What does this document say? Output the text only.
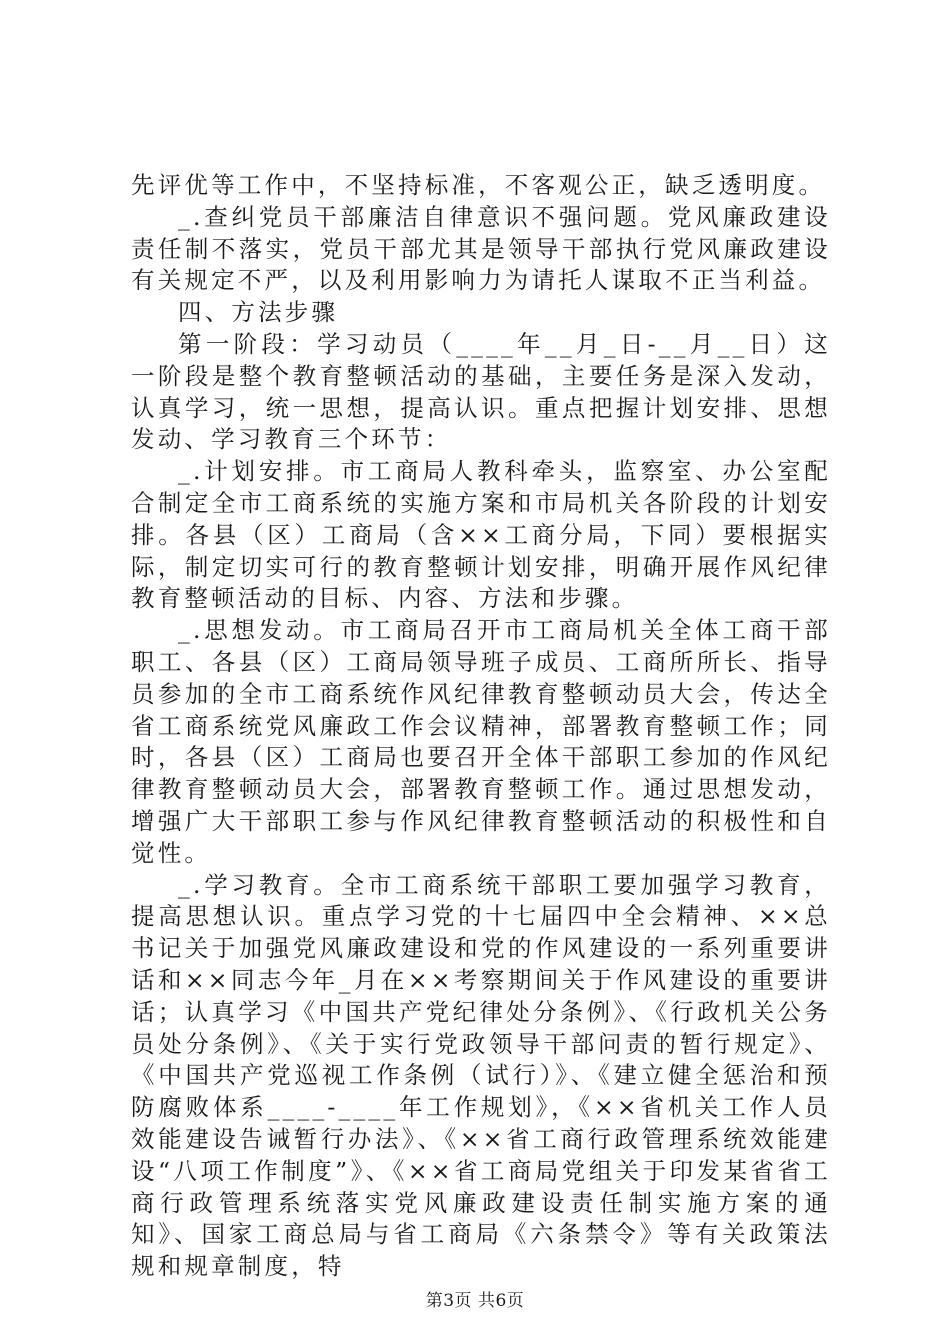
先评优等工作中，不坚持标准，不客观公正，缺乏透明度。

_.查纠党员干部廉洁自律意识不强问题。党风廉政建设责任制不落实，党员干部尤其是领导干部执行党风廉政建设有关规定不严，以及利用影响力为请托人谋取不正当利益。

四、方法步骤

第一阶段：学习动员（____年__月_日-__月__日）这一阶段是整个教育整顿活动的基础，主要任务是深入发动，认真学习，统一思想，提高认识。重点把握计划安排、思想发动、学习教育三个环节：

_.计划安排。市工商局人教科牵头，监察室、办公室配合制定全市工商系统的实施方案和市局机关各阶段的计划安排。各县（区）工商局（含××工商分局，下同）要根据实际，制定切实可行的教育整顿计划安排，明确开展作风纪律教育整顿活动的目标、内容、方法和步骤。

_.思想发动。市工商局召开市工商局机关全体工商干部职工、各县（区）工商局领导班子成员、工商所所长、指导员参加的全市工商系统作风纪律教育整顿动员大会，传达全省工商系统党风廉政工作会议精神，部署教育整顿工作；同时，各县（区）工商局也要召开全体干部职工参加的作风纪律教育整顿动员大会，部署教育整顿工作。通过思想发动，增强广大干部职工参与作风纪律教育整顿活动的积极性和自觉性。

_.学习教育。全市工商系统干部职工要加强学习教育，提高思想认识。重点学习党的十七届四中全会精神、××总书记关于加强党风廉政建设和党的作风建设的一系列重要讲话和××同志今年_月在××考察期间关于作风建设的重要讲话；认真学习《中国共产党纪律处分条例》、《行政机关公务员处分条例》、《关于实行党政领导干部问责的暂行规定》、《中国共产党巡视工作条例（试行）》、《建立健全惩治和预防腐败体系____-____年工作规划》，《××省机关工作人员效能建设告诫暂行办法》、《××省工商行政管理系统效能建设“八项工作制度”》、《××省工商局党组关于印发某省省工商行政管理系统落实党风廉政建设责任制实施方案的通知》、国家工商总局与省工商局《六条禁令》等有关政策法规和规章制度，特

第3页 共6页
